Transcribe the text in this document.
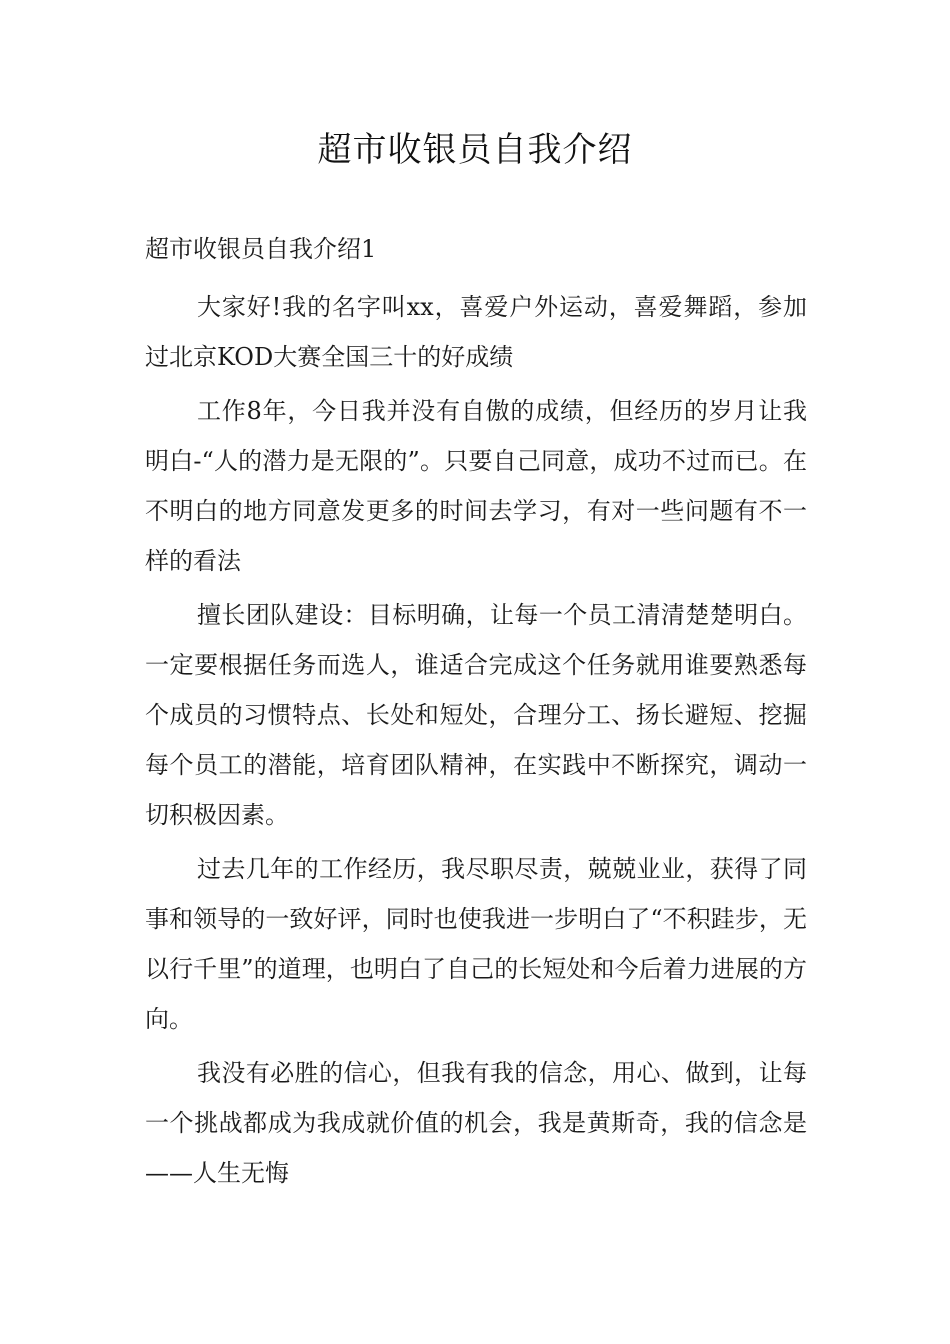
超市收银员自我介绍
超市收银员自我介绍1

大家好!我的名字叫xx，喜爱户外运动，喜爱舞蹈，参加过北京KOD大赛全国三十的好成绩

工作8年，今日我并没有自傲的成绩，但经历的岁月让我明白-“人的潜力是无限的”。只要自己同意，成功不过而已。在不明白的地方同意发更多的时间去学习，有对一些问题有不一样的看法

擅长团队建设：目标明确，让每一个员工清清楚楚明白。一定要根据任务而选人，谁适合完成这个任务就用谁要熟悉每个成员的习惯特点、长处和短处，合理分工、扬长避短、挖掘每个员工的潜能，培育团队精神，在实践中不断探究，调动一切积极因素。

过去几年的工作经历，我尽职尽责，兢兢业业，获得了同事和领导的一致好评，同时也使我进一步明白了“不积跬步，无以行千里”的道理，也明白了自己的长短处和今后着力进展的方向。

我没有必胜的信心，但我有我的信念，用心、做到，让每一个挑战都成为我成就价值的机会，我是黄斯奇，我的信念是——人生无悔
